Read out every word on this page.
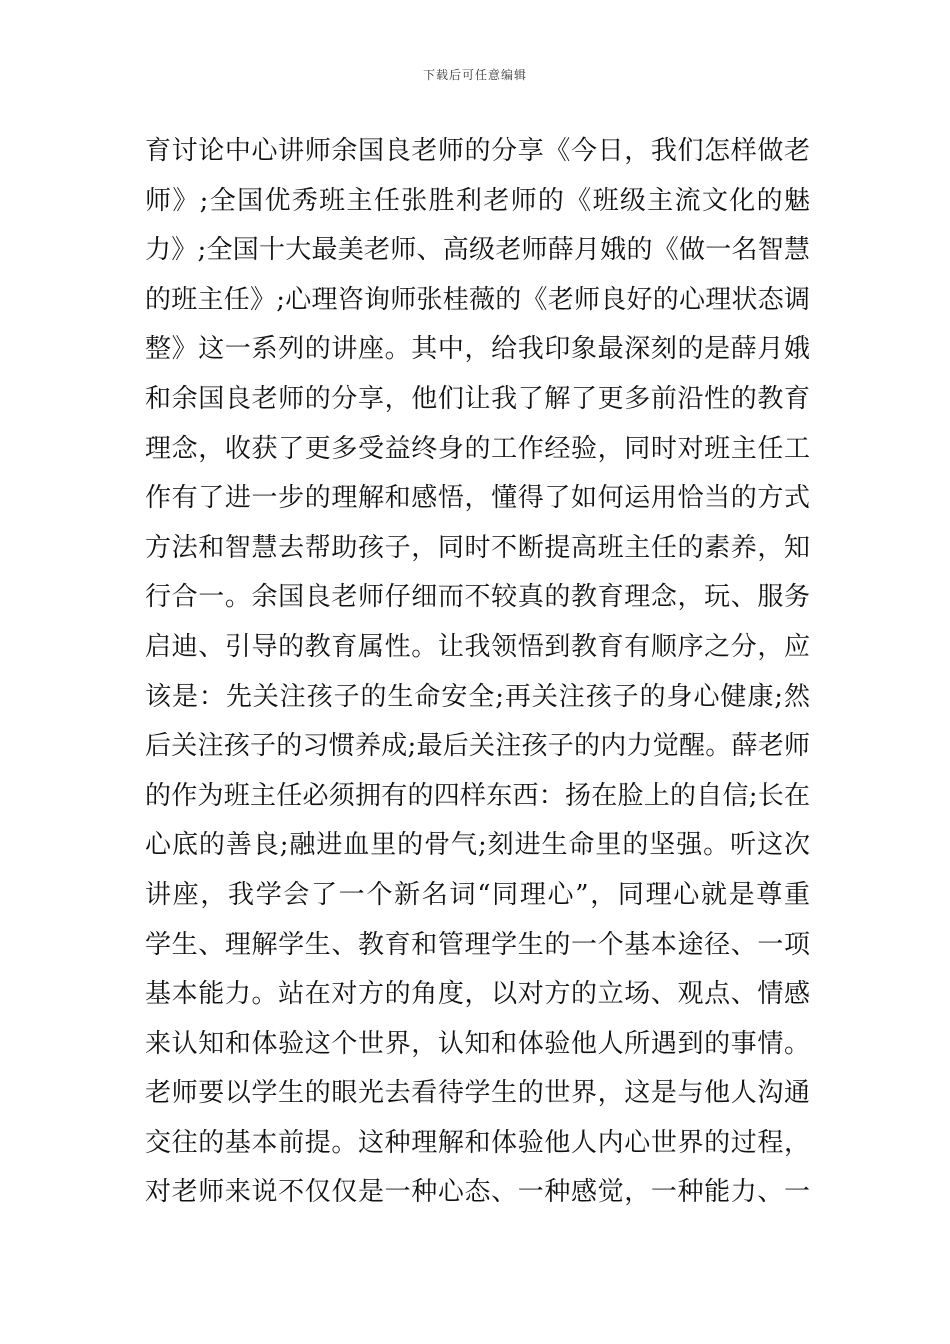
下载后可任意编辑
育讨论中心讲师余国良老师的分享《今日，我们怎样做老
师》;全国优秀班主任张胜利老师的《班级主流文化的魅
力》;全国十大最美老师、高级老师薛月娥的《做一名智慧
的班主任》;心理咨询师张桂薇的《老师良好的心理状态调
整》这一系列的讲座。其中，给我印象最深刻的是薛月娥
和余国良老师的分享，他们让我了解了更多前沿性的教育
理念，收获了更多受益终身的工作经验，同时对班主任工
作有了进一步的理解和感悟，懂得了如何运用恰当的方式
方法和智慧去帮助孩子，同时不断提高班主任的素养，知
行合一。余国良老师仔细而不较真的教育理念，玩、服务
启迪、引导的教育属性。让我领悟到教育有顺序之分，应
该是：先关注孩子的生命安全;再关注孩子的身心健康;然
后关注孩子的习惯养成;最后关注孩子的内力觉醒。薛老师
的作为班主任必须拥有的四样东西：扬在脸上的自信;长在
心底的善良;融进血里的骨气;刻进生命里的坚强。听这次
讲座，我学会了一个新名词“同理心”，同理心就是尊重
学生、理解学生、教育和管理学生的一个基本途径、一项
基本能力。站在对方的角度，以对方的立场、观点、情感
来认知和体验这个世界，认知和体验他人所遇到的事情。
老师要以学生的眼光去看待学生的世界，这是与他人沟通
交往的基本前提。这种理解和体验他人内心世界的过程，
对老师来说不仅仅是一种心态、一种感觉，一种能力、一
